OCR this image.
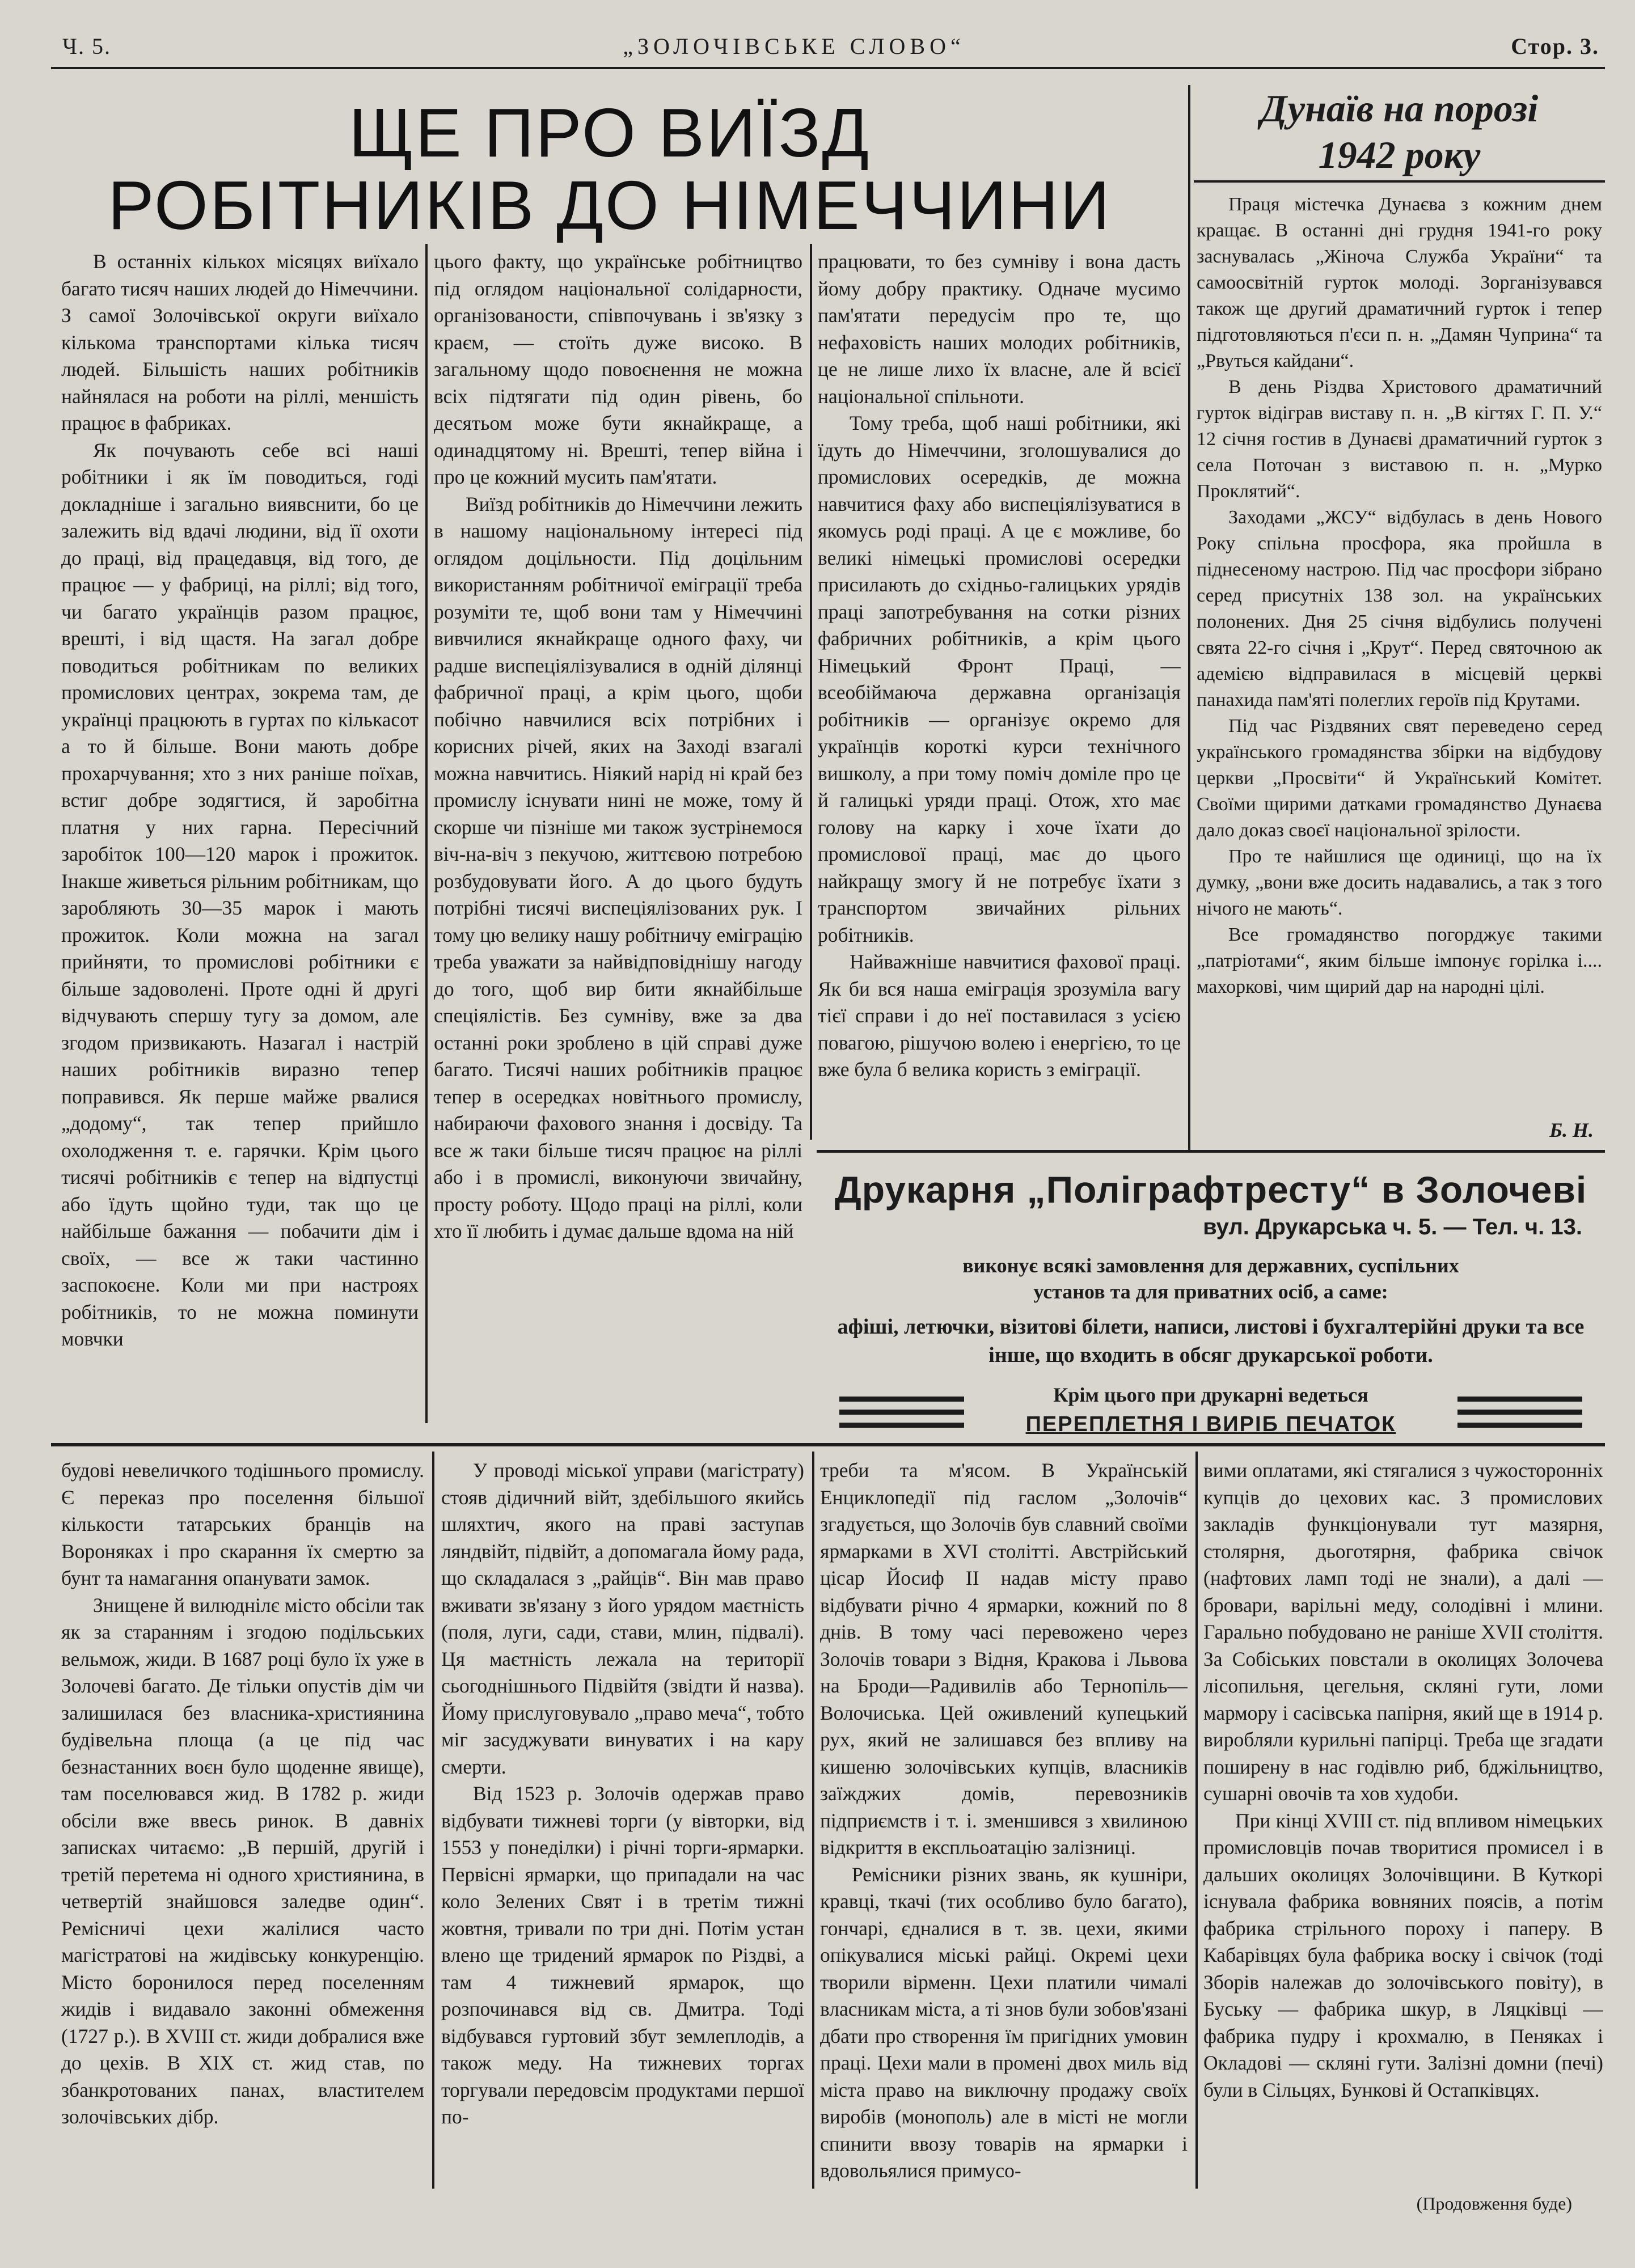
Ч. 5.	„ЗОЛОЧІВСЬКЕ СЛОВО“	Стор. 3.
ЩЕ ПРО ВИЇЗД
РОБІТНИКІВ ДО НІМЕЧЧИНИ

В останніх кількох місяцях виїхало багато тисяч наших людей до Німеччини. З самої Золочівської округи виїхало кількома транспортами кілька тисяч людей. Більшість наших робітників найнялася на роботи на ріллі, меншість працює в фабриках.

Як почувають себе всі наші робітники і як їм поводиться, годі докладніше і загально виявснити, бо це залежить від вдачі людини, від її охоти до праці, від працедавця, від того, де працює — у фабриці, на ріллі; від того, чи багато українців разом працює, врешті, і від щастя. На загал добре поводиться робітникам по великих промислових центрах, зокрема там, де українці працюють в гуртах по кількасот а то й більше. Вони мають добре прохарчування; хто з них раніше поїхав, встиг добре зодягтися, й заробітна платня у них гарна. Пересічний заробіток 100—120 марок і прожиток. Інакше живеться рільним робітникам, що заробляють 30—35 марок і мають прожиток. Коли можна на загал прийняти, то промислові робітники є більше задоволені. Проте одні й другі відчувають спершу тугу за домом, але згодом призвикають. Назагал і настрій наших робітників виразно тепер поправився. Як перше майже рвалися „додому“, так тепер прийшло охолодження т. е. гарячки. Крім цього тисячі робітників є тепер на відпустці або їдуть щойно туди, так що це найбільше бажання — побачити дім і своїх, — все ж таки частинно заспокоєне. Коли ми при настроях робітників, то не можна поминути мовчки

цього факту, що українське робітництво під оглядом національної солідарности, організованости, співпочувань і зв'язку з краєм, — стоїть дуже високо. В загальному щодо повоєнення не можна всіх підтягати під один рівень, бо десятьом може бути якнайкраще, а одинадцятому ні. Врешті, тепер війна і про це кожний мусить пам'ятати.

Виїзд робітників до Німеччини лежить в нашому національному інтересі під оглядом доцільности. Під доцільним використанням робітничої еміграції треба розуміти те, щоб вони там у Німеччині вивчилися якнайкраще одного фаху, чи радше виспеціялізувалися в одній ділянці фабричної праці, а крім цього, щоби побічно навчилися всіх потрібних і корисних річей, яких на Заході взагалі можна навчитись. Ніякий нарід ні край без промислу існувати нині не може, тому й скорше чи пізніше ми також зустрінемося віч-на-віч з пекучою, життєвою потребою розбудовувати його. А до цього будуть потрібні тисячі виспеціялізованих рук. І тому цю велику нашу робітничу еміграцію треба уважати за найвідповіднішу нагоду до того, щоб вир бити якнайбільше спеціялістів. Без сумніву, вже за два останні роки зроблено в цій справі дуже багато. Тисячі наших робітників працює тепер в осередках новітнього промислу, набираючи фахового знання і досвіду. Та все ж таки більше тисяч працює на ріллі або і в промислі, виконуючи звичайну, просту роботу. Щодо праці на ріллі, коли хто її любить і думає дальше вдома на ній

працювати, то без сумніву і вона дасть йому добру практику. Одначе мусимо пам'ятати передусім про те, що нефаховість наших молодих робітників, це не лише лихо їх власне, але й всієї національної спільноти.

Тому треба, щоб наші робітники, які їдуть до Німеччини, зголошувалися до промислових осередків, де можна навчитися фаху або виспеціялізуватися в якомусь роді праці. А це є можливе, бо великі німецькі промислові осередки присилають до східньо-галицьких урядів праці запотребування на сотки різних фабричних робітників, а крім цього Німецький Фронт Праці, — всеобіймаюча державна організація робітників — організує окремо для українців короткі курси технічного вишколу, а при тому поміч доміле про це й галицькі уряди праці. Отож, хто має голову на карку і хоче їхати до промислової праці, має до цього найкращу змогу й не потребує їхати з транспортом звичайних рільних робітників.

Найважніше навчитися фахової праці. Як би вся наша еміграція зрозуміла вагу тієї справи і до неї поставилася з усією повагою, рішучою волею і енергією, то це вже була б велика користь з еміграції.

Дунаїв на порозі
1942 року

Праця містечка Дунаєва з кожним днем кращає. В останні дні грудня 1941-го року заснувалась „Жіноча Служба України“ та самоосвітній гурток молоді. Зорганізувався також ще другий драматичний гурток і тепер підготовляються п'єси п. н. „Дамян Чуприна“ та „Рвуться кайдани“.

В день Різдва Христового драматичний гурток відіграв виставу п. н. „В кігтях Г. П. У.“ 12 січня гостив в Дунаєві драматичний гурток з села Поточан з виставою п. н. „Мурко Проклятий“.

Заходами „ЖСУ“ відбулась в день Нового Року спільна просфора, яка пройшла в піднесеному настрою. Під час просфори зібрано серед присутніх 138 зол. на українських полонених. Дня 25 січня відбулись получені свята 22-го січня і „Крут“. Перед святочною ак адемією відправилася в місцевій церкві панахида пам'яті полеглих героїв під Крутами.

Під час Різдвяних свят переведено серед українського громадянства збірки на відбудову церкви „Просвіти“ й Український Комітет. Своїми щирими датками громадянство Дунаєва дало доказ своєї національної зрілости.

Про те найшлися ще одиниці, що на їх думку, „вони вже досить надавались, а так з того нічого не мають“.

Все громадянство погорджує такими „патріотами“, яким більше імпонує горілка і.... махоркові, чим щирий дар на народні цілі.

Б. Н.
Друкарня „Поліграфтресту“ в Золочеві
вул. Друкарська ч. 5. — Тел. ч. 13.
виконує всякі замовлення для державних, суспільних установ та для приватних осіб, а саме:
афіші, летючки, візитові білети, написи, листові і бухгалтерійні друки та все інше, що входить в обсяг друкарської роботи.
Крім цього при друкарні ведеться
ПЕРЕПЛЕТНЯ І ВИРІБ ПЕЧАТОК

будові невеличкого тодішнього промислу. Є переказ про поселення більшої кількости татарських бранців на Вороняках і про скарання їх смертю за бунт та намагання опанувати замок.

Знищене й вилюднілє місто обсіли так як за старанням і згодою подільських вельмож, жиди. В 1687 році було їх уже в Золочеві багато. Де тільки опустів дім чи залишилася без власника-християнина будівельна площа (а це під час безнастанних воєн було щоденне явище), там поселювався жид. В 1782 р. жиди обсіли вже ввесь ринок. В давніх записках читаємо: „В першій, другій і третій перетема ні одного християнина, в четвертій знайшовся заледве один“. Ремісничі цехи жалілися часто магістратові на жидівську конкуренцію. Місто боронилося перед поселенням жидів і видавало законні обмеження (1727 р.). В XVIII ст. жиди добралися вже до цехів. В XIX ст. жид став, по збанкротованих панах, властителем золочівських дібр.

У проводі міської управи (магістрату) стояв дідичний війт, здебільшого якийсь шляхтич, якого на праві заступав ляндвійт, підвійт, а допомагала йому рада, що складалася з „райців“. Він мав право вживати зв'язану з його урядом маєтність (поля, луги, сади, стави, млин, підвалі). Ця маєтність лежала на території сьогоднішнього Підвійтя (звідти й назва). Йому прислуговувало „право меча“, тобто міг засуджувати винуватих і на кару смерти.

Від 1523 р. Золочів одержав право відбувати тижневі торги (у вівторки, від 1553 у понеділки) і річні торги-ярмарки. Первісні ярмарки, що припадали на час коло Зелених Свят і в третім тижні жовтня, тривали по три дні. Потім устан влено ще тридений ярмарок по Різдві, а там 4 тижневий ярмарок, що розпочинався від св. Дмитра. Тоді відбувався гуртовий збут землеплодів, а також меду. На тижневих торгах торгували передовсім продуктами першої по-

треби та м'ясом. В Українській Енциклопедії під гаслом „Золочів“ згадується, що Золочів був славний своїми ярмарками в XVI столітті. Австрійський цісар Йосиф ІІ надав місту право відбувати річно 4 ярмарки, кожний по 8 днів. В тому часі перевожено через Золочів товари з Відня, Кракова і Львова на Броди—Радивилів або Тернопіль—Волочиська. Цей оживлений купецький рух, який не залишався без впливу на кишеню золочівських купців, власників заїжджих домів, перевозників підприємств і т. і. зменшився з хвилиною відкриття в експльоатацію залізниці.

Ремісники різних звань, як кушніри, кравці, ткачі (тих особливо було багато), гончарі, єдналися в т. зв. цехи, якими опікувалися міські райці. Окремі цехи творили вірменн. Цехи платили чималі власникам міста, а ті знов були зобов'язані дбати про створення їм пригідних умовин праці. Цехи мали в промені двох миль від міста право на виключну продажу своїх виробів (монополь) але в місті не могли спинити ввозу товарів на ярмарки і вдовольялися примусо-

вими оплатами, які стягалися з чужосторонніх купців до цехових кас. З промислових закладів функціонували тут мазярня, столярня, дьоготярня, фабрика свічок (нафтових ламп тоді не знали), а далі — бровари, варільні меду, солодівні і млини. Гарально побудовано не раніше XVII століття. За Собіських повстали в околицях Золочева лісопильня, цегельня, склянi гути, ломи мармору і сасівська папірня, який ще в 1914 р. виробляли курильні папірці. Треба ще згадати поширену в нас годівлю риб, бджільництво, сушарні овочів та хов худоби.

При кінці XVIII ст. під впливом німецьких промисловців почав творитися промисел і в дальших околицях Золочівщини. В Куткорі існувала фабрика вовняних поясів, а потім фабрика стрільного пороху і паперу. В Кабарівцях була фабрика воску і свічок (тоді Зборів належав до золочівського повіту), в Буську — фабрика шкур, в Ляцківці — фабрика пудру і крохмалю, в Пеняках і Окладові — склянi гути. Залізні домни (печі) були в Сільцях, Бункові й Остапківцях.

(Продовження буде)
